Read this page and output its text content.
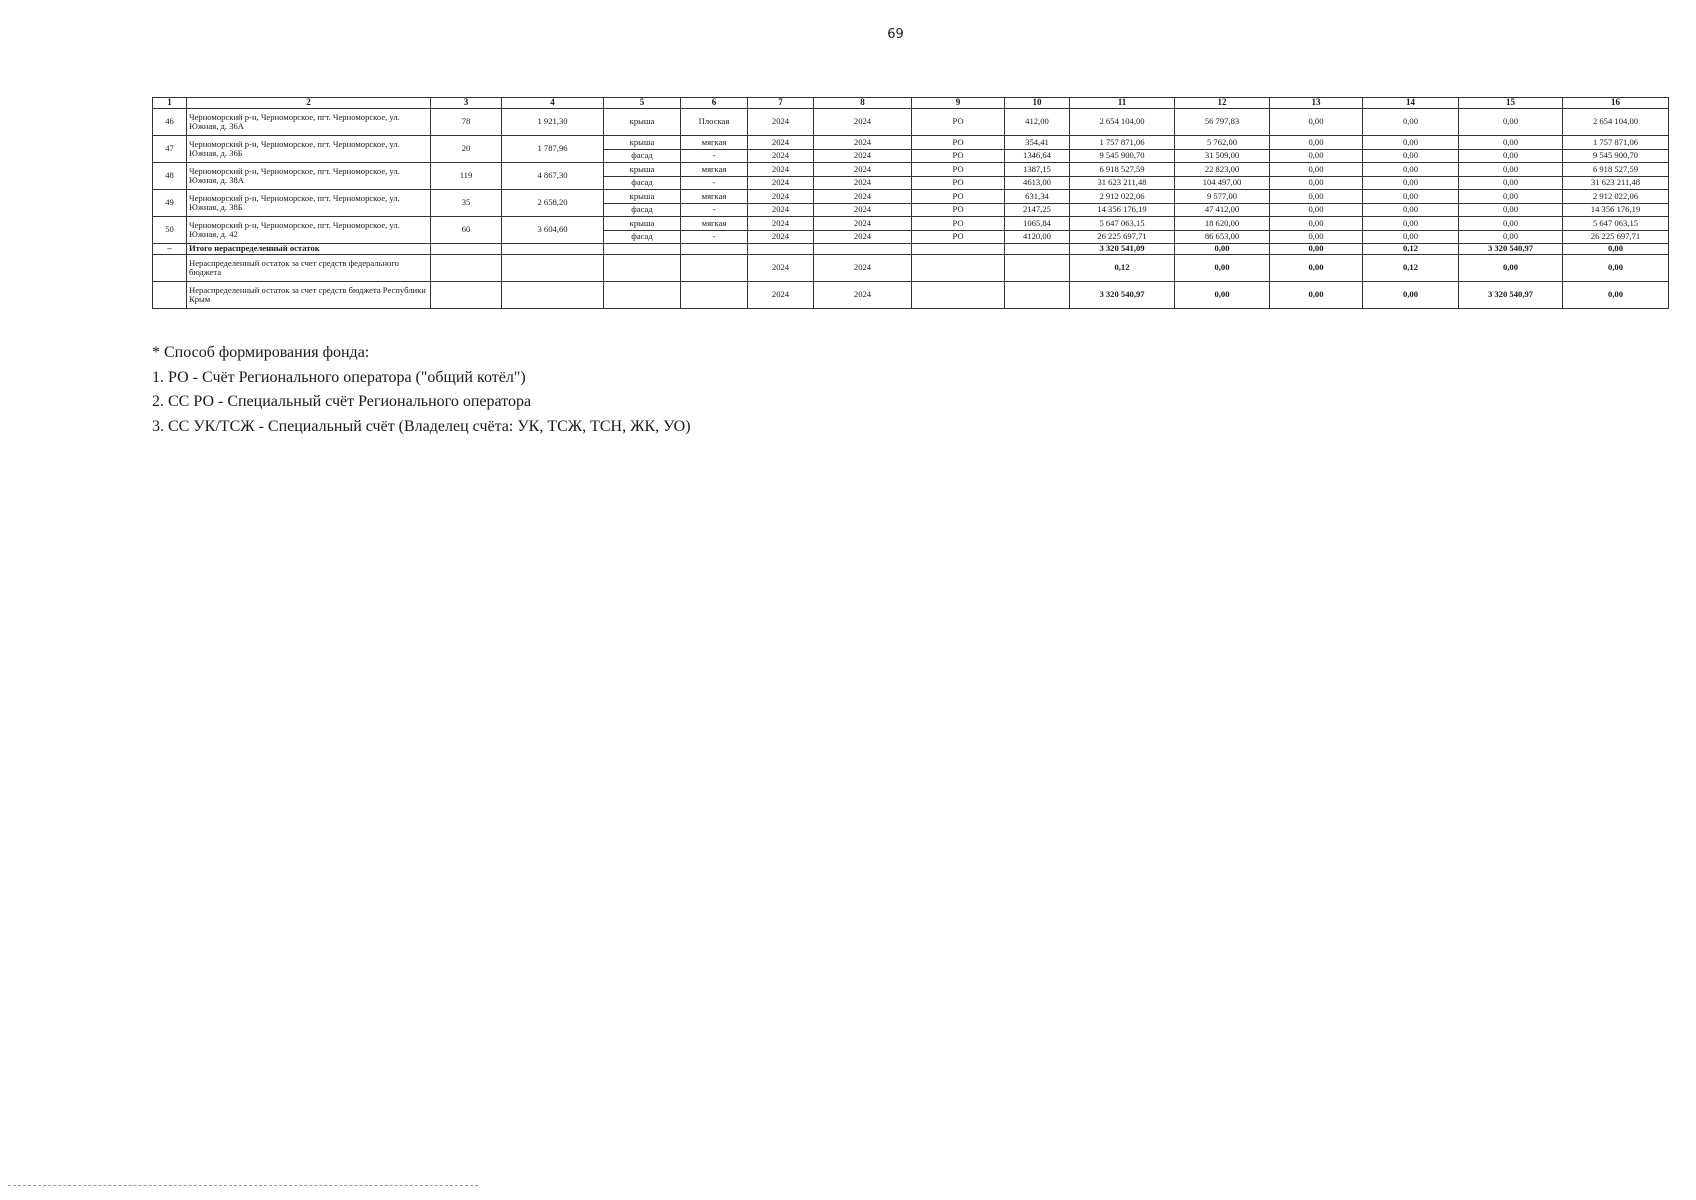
69
1	2	3	4	5	6	7	8	9	10	11	12	13	14	15	16
46	Черноморский р-н, Черноморское, пгт. Черноморское, ул. Южная, д. 36А	78	1 921,30	крыша	Плоская	2024	2024	РО	412,00	2 654 104,00	56 797,83	0,00	0,00	0,00	2 654 104,00
47	Черноморский р-н, Черноморское, пгт. Черноморское, ул. Южная, д. 36Б	20	1 787,96	крыша	мягкая	2024	2024	РО	354,41	1 757 871,06	5 762,00	0,00	0,00	0,00	1 757 871,06
				фасад	-	2024	2024	РО	1346,64	9 545 900,70	31 509,00	0,00	0,00	0,00	9 545 900,70
48	Черноморский р-н, Черноморское, пгт. Черноморское, ул. Южная, д. 38А	119	4 867,30	крыша	мягкая	2024	2024	РО	1387,15	6 918 527,59	22 823,00	0,00	0,00	0,00	6 918 527,59
				фасад	-	2024	2024	РО	4613,00	31 623 211,48	104 497,00	0,00	0,00	0,00	31 623 211,48
49	Черноморский р-н, Черноморское, пгт. Черноморское, ул. Южная, д. 38Б	35	2 658,20	крыша	мягкая	2024	2024	РО	631,34	2 912 022,06	9 577,00	0,00	0,00	0,00	2 912 022,06
				фасад	-	2024	2024	РО	2147,25	14 356 176,19	47 412,00	0,00	0,00	0,00	14 356 176,19
50	Черноморский р-н, Черноморское, пгт. Черноморское, ул. Южная, д. 42	60	3 604,60	крыша	мягкая	2024	2024	РО	1065,84	5 647 063,15	18 620,00	0,00	0,00	0,00	5 647 063,15
				фасад	-	2024	2024	РО	4120,00	26 225 697,71	86 653,00	0,00	0,00	0,00	26 225 697,71
–	Итого нераспределенный остаток									3 320 541,09	0,00	0,00	0,12	3 320 540,97	0,00
	Нераспределенный остаток за счет средств федерального бюджета					2024	2024			0,12	0,00	0,00	0,12	0,00	0,00
	Нераспределенный остаток за счет средств бюджета Республики Крым					2024	2024			3 320 540,97	0,00	0,00	0,00	3 320 540,97	0,00

* Способ формирования фонда:

1. РО - Счёт Регионального оператора ("общий котёл")

2. СС РО - Специальный счёт Регионального оператора

3. СС УК/ТСЖ - Специальный счёт (Владелец счёта: УК, ТСЖ, ТСН, ЖК, УО)
